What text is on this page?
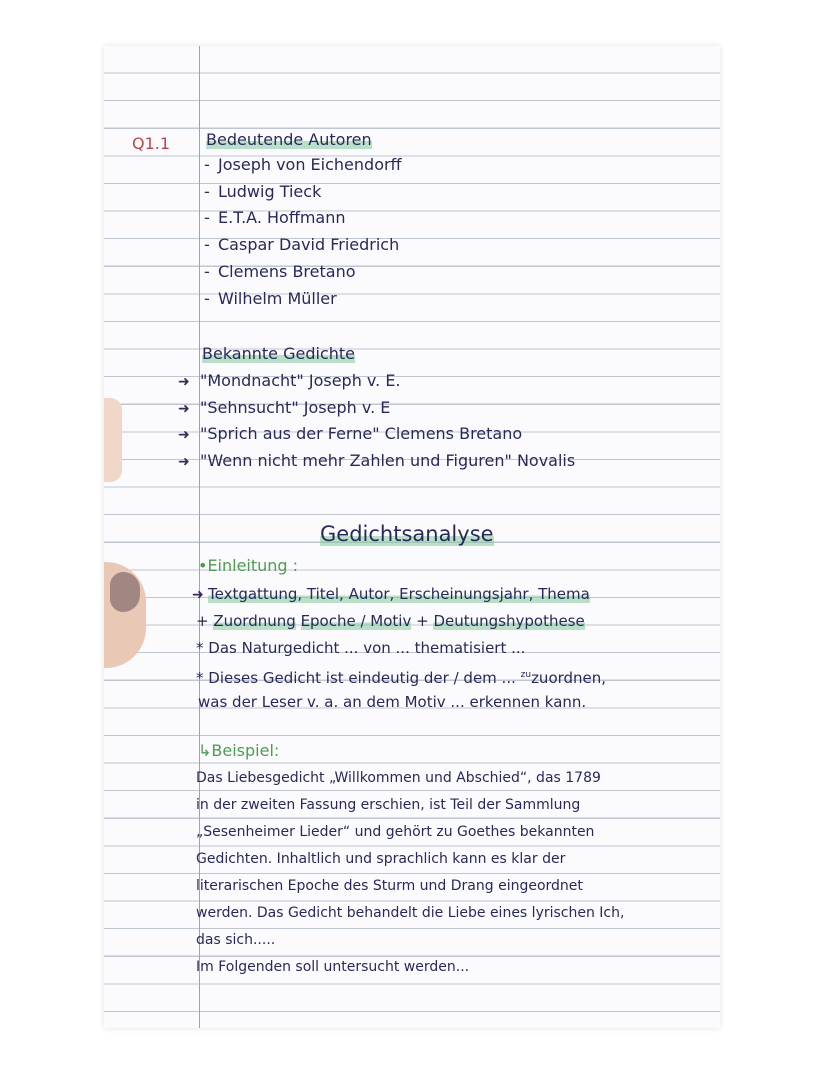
Q1.1 Bedeutende Autoren
- Joseph von Eichendorff
- Ludwig Tieck
- E.T.A. Hoffmann
- Caspar David Friedrich
- Clemens Bretano
- Wilhelm Müller
Bekannte Gedichte
➜ "Mondnacht" Joseph v. E.
➜ "Sehnsucht" Joseph v. E
➜ "Sprich aus der Ferne" Clemens Bretano
➜ "Wenn nicht mehr Zahlen und Figuren" Novalis
Gedichtsanalyse
•Einleitung :
➜ Textgattung, Titel, Autor, Erscheinungsjahr, Thema
+ Zuordnung Epoche / Motiv + Deutungshypothese
* Das Naturgedicht ... von ... thematisiert ...
* Dieses Gedicht ist eindeutig der / dem ... $^{zu}$zuordnen,
was der Leser v. a. an dem Motiv ... erkennen kann.
↳Beispiel:
Das Liebesgedicht „Willkommen und Abschied“, das 1789
in der zweiten Fassung erschien, ist Teil der Sammlung
„Sesenheimer Lieder“ und gehört zu Goethes bekannten
Gedichten. Inhaltlich und sprachlich kann es klar der
literarischen Epoche des Sturm und Drang eingeordnet
werden. Das Gedicht behandelt die Liebe eines lyrischen Ich,
das sich.....
Im Folgenden soll untersucht werden...
